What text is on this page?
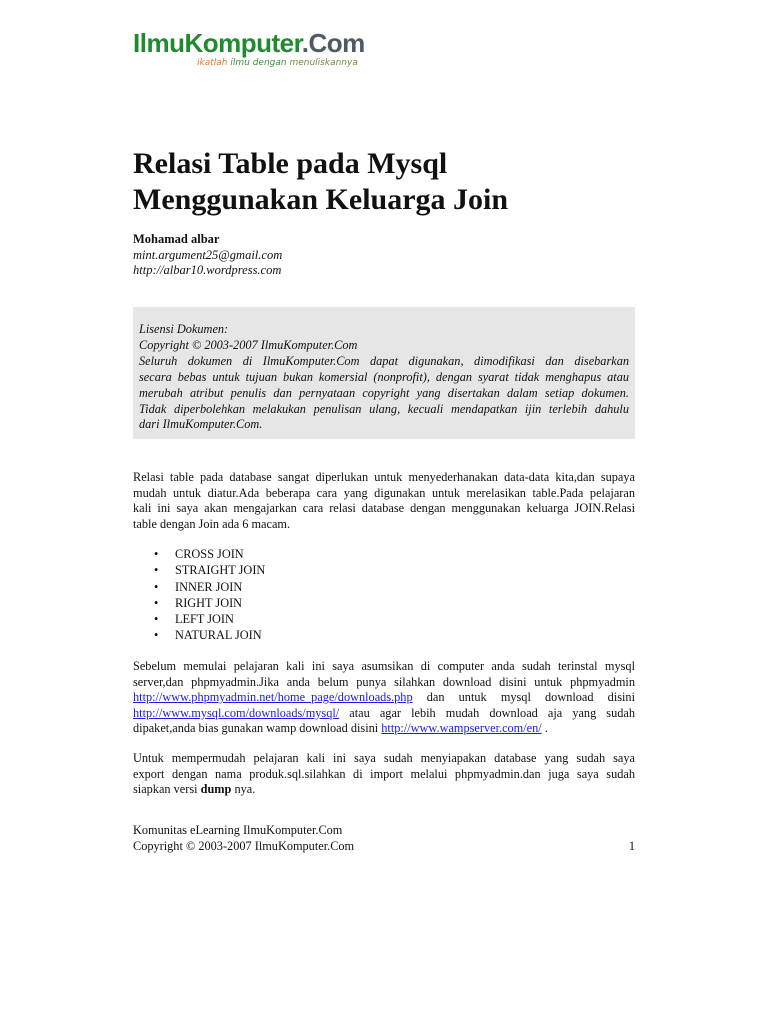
IlmuKomputer.Com
ikatlah ilmu dengan menuliskannya
Relasi Table pada Mysql
Menggunakan Keluarga Join
Mohamad albar
mint.argument25@gmail.com
http://albar10.wordpress.com
Lisensi Dokumen:
Copyright © 2003-2007 IlmuKomputer.Com
Seluruh dokumen di IlmuKomputer.Com dapat digunakan, dimodifikasi dan disebarkan
secara bebas untuk tujuan bukan komersial (nonprofit), dengan syarat tidak menghapus atau
merubah atribut penulis dan pernyataan copyright yang disertakan dalam setiap dokumen.
Tidak diperbolehkan melakukan penulisan ulang, kecuali mendapatkan ijin terlebih dahulu
dari IlmuKomputer.Com.
Relasi table pada database sangat diperlukan untuk menyederhanakan data-data kita,dan supaya
mudah untuk diatur.Ada beberapa cara yang digunakan untuk merelasikan table.Pada pelajaran
kali ini saya akan mengajarkan cara relasi database dengan menggunakan keluarga JOIN.Relasi
table dengan Join ada 6 macam.
• CROSS JOIN
• STRAIGHT JOIN
• INNER JOIN
• RIGHT JOIN
• LEFT JOIN
• NATURAL JOIN
Sebelum memulai pelajaran kali ini saya asumsikan di computer anda sudah terinstal mysql
server,dan phpmyadmin.Jika anda belum punya silahkan download disini untuk phpmyadmin
http://www.phpmyadmin.net/home_page/downloads.php dan untuk mysql download disini
http://www.mysql.com/downloads/mysql/ atau agar lebih mudah download aja yang sudah
dipaket,anda bias gunakan wamp download disini http://www.wampserver.com/en/ .
Untuk mempermudah pelajaran kali ini saya sudah menyiapakan database yang sudah saya
export dengan nama produk.sql.silahkan di import melalui phpmyadmin.dan juga saya sudah
siapkan versi dump nya.
Komunitas eLearning IlmuKomputer.Com
Copyright © 2003-2007 IlmuKomputer.Com	1
